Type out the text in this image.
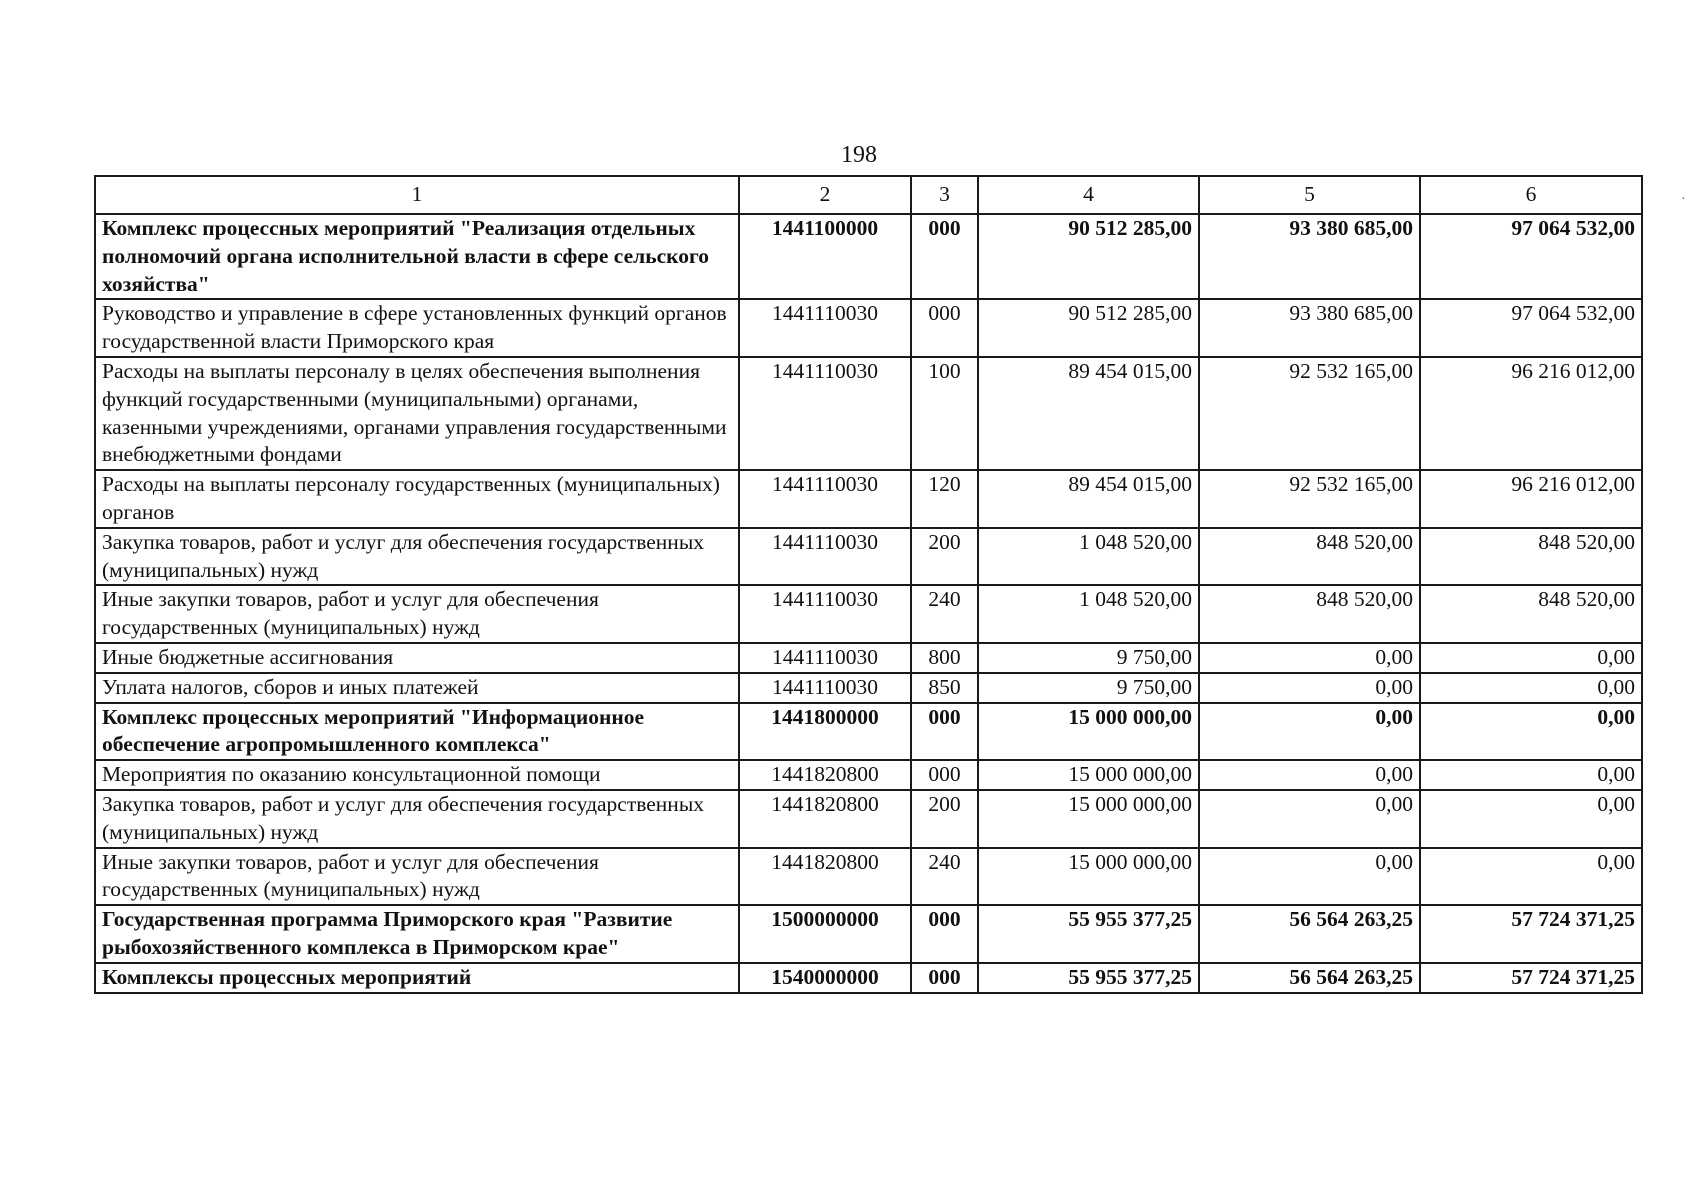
198
1	2	3	4	5	6
Комплекс процессных мероприятий "Реализация отдельных полномочий органа исполнительной власти в сфере сельского хозяйства"	1441100000	000	90 512 285,00	93 380 685,00	97 064 532,00
Руководство и управление в сфере установленных функций органов государственной власти Приморского края	1441110030	000	90 512 285,00	93 380 685,00	97 064 532,00
Расходы на выплаты персоналу в целях обеспечения выполнения функций государственными (муниципальными) органами, казенными учреждениями, органами управления государственными внебюджетными фондами	1441110030	100	89 454 015,00	92 532 165,00	96 216 012,00
Расходы на выплаты персоналу государственных (муниципальных) органов	1441110030	120	89 454 015,00	92 532 165,00	96 216 012,00
Закупка товаров, работ и услуг для обеспечения государственных (муниципальных) нужд	1441110030	200	1 048 520,00	848 520,00	848 520,00
Иные закупки товаров, работ и услуг для обеспечения государственных (муниципальных) нужд	1441110030	240	1 048 520,00	848 520,00	848 520,00
Иные бюджетные ассигнования	1441110030	800	9 750,00	0,00	0,00
Уплата налогов, сборов и иных платежей	1441110030	850	9 750,00	0,00	0,00
Комплекс процессных мероприятий "Информационное обеспечение агропромышленного комплекса"	1441800000	000	15 000 000,00	0,00	0,00
Мероприятия по оказанию консультационной помощи	1441820800	000	15 000 000,00	0,00	0,00
Закупка товаров, работ и услуг для обеспечения государственных (муниципальных) нужд	1441820800	200	15 000 000,00	0,00	0,00
Иные закупки товаров, работ и услуг для обеспечения государственных (муниципальных) нужд	1441820800	240	15 000 000,00	0,00	0,00
Государственная программа Приморского края "Развитие рыбохозяйственного комплекса в Приморском крае"	1500000000	000	55 955 377,25	56 564 263,25	57 724 371,25
Комплексы процессных мероприятий	1540000000	000	55 955 377,25	56 564 263,25	57 724 371,25
·
